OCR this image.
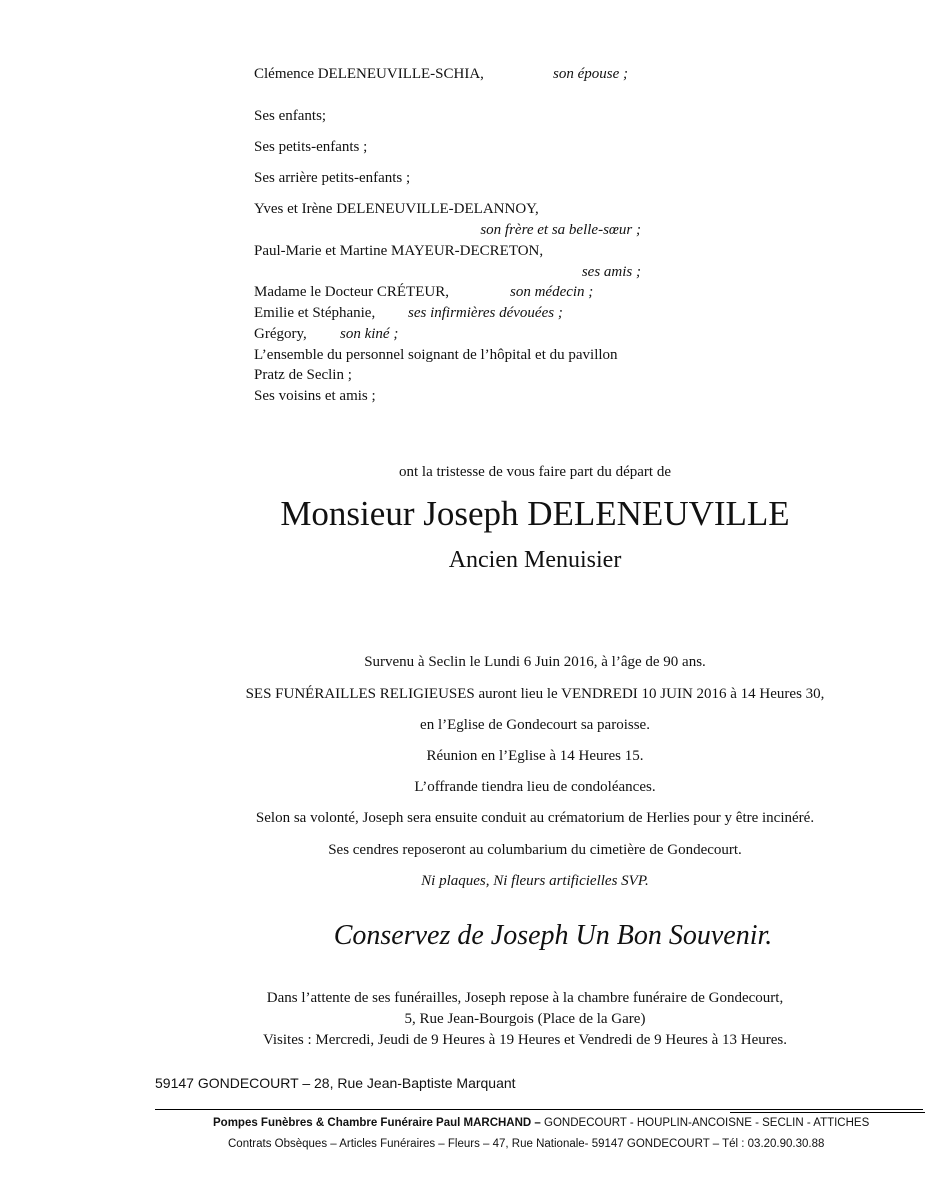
Clémence DELENEUVILLE-SCHIA,	son épouse ;
Ses enfants;
Ses petits-enfants ;
Ses arrière petits-enfants ;
Yves et Irène DELENEUVILLE-DELANNOY,
son frère et sa belle-sœur ;
Paul-Marie et Martine MAYEUR-DECRETON,
ses amis ;
Madame le Docteur CRÉTEUR,	son médecin ;
Emilie et Stéphanie, ses infirmières dévouées ;
Grégory, son kiné ;
L’ensemble du personnel soignant de l’hôpital et du pavillon
Pratz de Seclin ;
Ses voisins et amis ;
ont la tristesse de vous faire part du départ de
Monsieur Joseph DELENEUVILLE
Ancien Menuisier
Survenu à Seclin le Lundi 6 Juin 2016, à l’âge de 90 ans.
SES FUNÉRAILLES RELIGIEUSES auront lieu le VENDREDI 10 JUIN 2016 à 14 Heures 30,
en l’Eglise de Gondecourt sa paroisse.
Réunion en l’Eglise à 14 Heures 15.
L’offrande tiendra lieu de condoléances.
Selon sa volonté, Joseph sera ensuite conduit au crématorium de Herlies pour y être incinéré.
Ses cendres reposeront au columbarium du cimetière de Gondecourt.
Ni plaques, Ni fleurs artificielles SVP.
Conservez de Joseph Un Bon Souvenir.
Dans l’attente de ses funérailles, Joseph repose à la chambre funéraire de Gondecourt,
5, Rue Jean-Bourgois (Place de la Gare)
Visites : Mercredi, Jeudi de 9 Heures à 19 Heures et Vendredi de 9 Heures à 13 Heures.
59147 GONDECOURT – 28, Rue Jean-Baptiste Marquant
Pompes Funèbres & Chambre Funéraire Paul MARCHAND – GONDECOURT - HOUPLIN-ANCOISNE - SECLIN - ATTICHES
Contrats Obsèques – Articles Funéraires – Fleurs – 47, Rue Nationale- 59147 GONDECOURT – Tél : 03.20.90.30.88
